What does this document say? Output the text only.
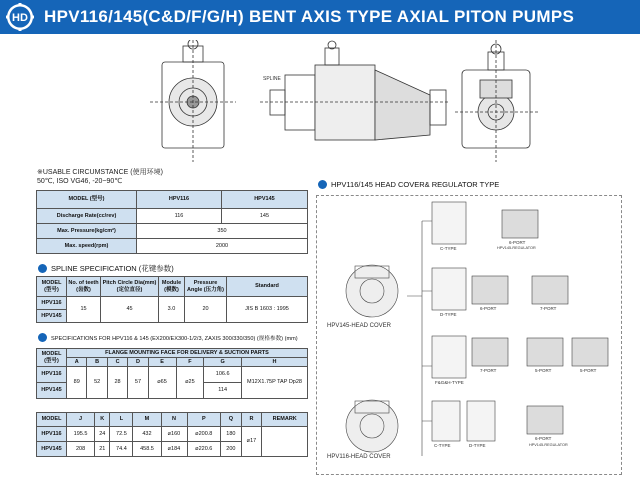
HD HPV116/145(C&D/F/G/H) BENT AXIS TYPE AXIAL PITON PUMPS
SPLINE
※USABLE CIRCUMSTANCE (使用环境)
50℃, ISO VG46, -20~90℃
MODEL (型号)	HPV116	HPV145
Discharge Rate(cc/rev)	116	145
Max. Pressure(kg/cm²)	350	
Max. speed(rpm)	2000	
SPLINE SPECIFICATION (花键参数)
MODEL (型号)	No. of teeth (齿数)	Pitch Circle Dia(mm) (定位直径)	Module (模数)	Pressure Angle (压力角)	Standard
HPV116	15	45	3.0	20	JIS B 1603 : 1995
HPV145					
SPECIFICATIONS FOR HPV116 & 145 (EX200/EX300-1/2/3, ZAXIS 300/330/350) (规格参数) (mm)
MODEL (型号)	FLANGE MOUNTING FACE FOR DELIVERY & SUCTION PARTS							
	A	B	C	D	E	F	G	H
HPV116	89	52	28	57	⌀65	⌀25	106.6	M12X1.75P TAP Dp28
HPV145							114	
MODEL	J	K	L	M	N	P	Q	R	REMARK
HPV116	195.5	24	72.5	432	⌀160	⌀200.8	180	⌀17	
HPV145	208	21	74.4	458.5	⌀184	⌀220.6	200		
HPV116/145 HEAD COVER& REGULATOR TYPE
HPV145-HEAD COVER
HPV116-HEAD COVER
C-TYPE
D-TYPE
F&G&H-TYPE
C-TYPE	D-TYPE
6-PORT
6-PORT	7-PORT
7-PORT	5-PORT	5-PORT
6-PORT
HPV145-REGULATOR
HPV145-REGULATOR
